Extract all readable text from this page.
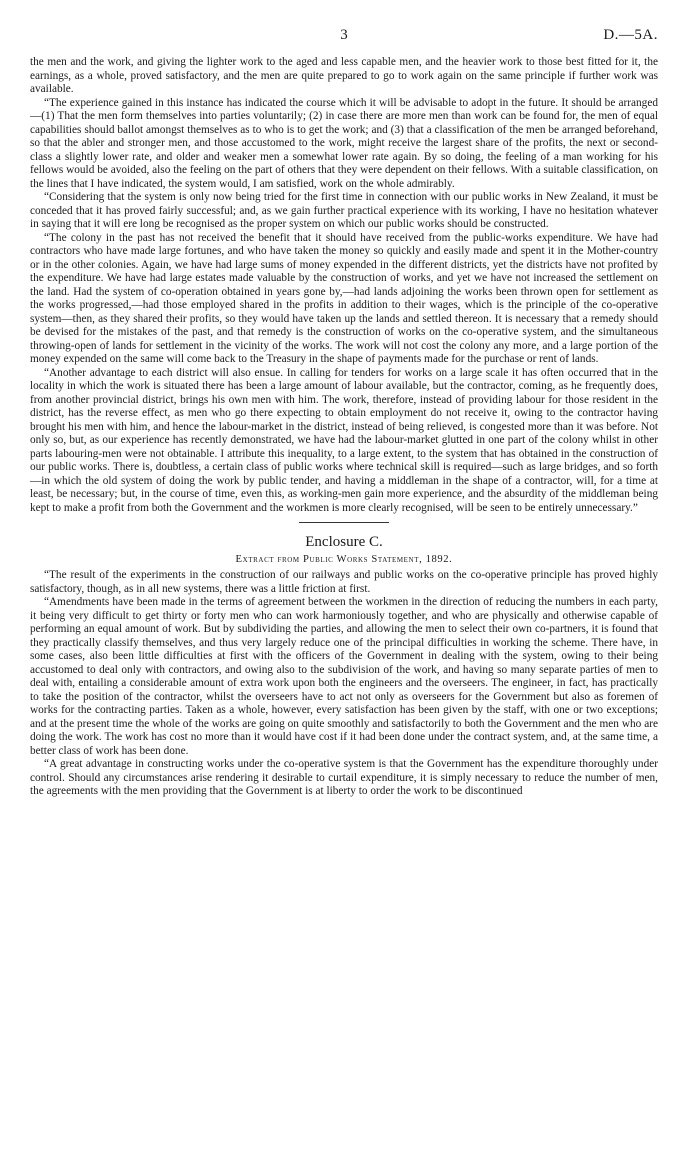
3	D.—5A.

the men and the work, and giving the lighter work to the aged and less capable men, and the heavier work to those best fitted for it, the earnings, as a whole, proved satisfactory, and the men are quite prepared to go to work again on the same principle if further work was available.

“The experience gained in this instance has indicated the course which it will be advisable to adopt in the future. It should be arranged—(1) That the men form themselves into parties voluntarily; (2) in case there are more men than work can be found for, the men of equal capabilities should ballot amongst themselves as to who is to get the work; and (3) that a classification of the men be arranged beforehand, so that the abler and stronger men, and those accustomed to the work, might receive the largest share of the profits, the next or second-class a slightly lower rate, and older and weaker men a somewhat lower rate again. By so doing, the feeling of a man working for his fellows would be avoided, also the feeling on the part of others that they were dependent on their fellows. With a suitable classification, on the lines that I have indicated, the system would, I am satisfied, work on the whole admirably.

“Considering that the system is only now being tried for the first time in connection with our public works in New Zealand, it must be conceded that it has proved fairly successful; and, as we gain further practical experience with its working, I have no hesitation whatever in saying that it will ere long be recognised as the proper system on which our public works should be constructed.

“The colony in the past has not received the benefit that it should have received from the public-works expenditure. We have had contractors who have made large fortunes, and who have taken the money so quickly and easily made and spent it in the Mother-country or in the other colonies. Again, we have had large sums of money expended in the different districts, yet the districts have not profited by the expenditure. We have had large estates made valuable by the construction of works, and yet we have not increased the settlement on the land. Had the system of co-operation obtained in years gone by,—had lands adjoining the works been thrown open for settlement as the works progressed,—had those employed shared in the profits in addition to their wages, which is the principle of the co-operative system—then, as they shared their profits, so they would have taken up the lands and settled thereon. It is necessary that a remedy should be devised for the mistakes of the past, and that remedy is the construction of works on the co-operative system, and the simultaneous throwing-open of lands for settlement in the vicinity of the works. The work will not cost the colony any more, and a large portion of the money expended on the same will come back to the Treasury in the shape of payments made for the purchase or rent of lands.

“Another advantage to each district will also ensue. In calling for tenders for works on a large scale it has often occurred that in the locality in which the work is situated there has been a large amount of labour available, but the contractor, coming, as he frequently does, from another provincial district, brings his own men with him. The work, therefore, instead of providing labour for those resident in the district, has the reverse effect, as men who go there expecting to obtain employment do not receive it, owing to the contractor having brought his men with him, and hence the labour-market in the district, instead of being relieved, is congested more than it was before. Not only so, but, as our experience has recently demonstrated, we have had the labour-market glutted in one part of the colony whilst in other parts labouring-men were not obtainable. I attribute this inequality, to a large extent, to the system that has obtained in the construction of our public works. There is, doubtless, a certain class of public works where technical skill is required—such as large bridges, and so forth—in which the old system of doing the work by public tender, and having a middleman in the shape of a contractor, will, for a time at least, be necessary; but, in the course of time, even this, as working-men gain more experience, and the absurdity of the middleman being kept to make a profit from both the Government and the workmen is more clearly recognised, will be seen to be entirely unnecessary.”

Enclosure C.
Extract from Public Works Statement, 1892.

“The result of the experiments in the construction of our railways and public works on the co-operative principle has proved highly satisfactory, though, as in all new systems, there was a little friction at first.

“Amendments have been made in the terms of agreement between the workmen in the direction of reducing the numbers in each party, it being very difficult to get thirty or forty men who can work harmoniously together, and who are physically and otherwise capable of performing an equal amount of work. But by subdividing the parties, and allowing the men to select their own co-partners, it is found that they practically classify themselves, and thus very largely reduce one of the principal difficulties in working the scheme. There have, in some cases, also been little difficulties at first with the officers of the Government in dealing with the system, owing to their being accustomed to deal only with contractors, and owing also to the subdivision of the work, and having so many separate parties of men to deal with, entailing a considerable amount of extra work upon both the engineers and the overseers. The engineer, in fact, has practically to take the position of the contractor, whilst the overseers have to act not only as overseers for the Government but also as foremen of works for the contracting parties. Taken as a whole, however, every satisfaction has been given by the staff, with one or two exceptions; and at the present time the whole of the works are going on quite smoothly and satisfactorily to both the Government and the men who are doing the work. The work has cost no more than it would have cost if it had been done under the contract system, and, at the same time, a better class of work has been done.

“A great advantage in constructing works under the co-operative system is that the Government has the expenditure thoroughly under control. Should any circumstances arise rendering it desirable to curtail expenditure, it is simply necessary to reduce the number of men, the agreements with the men providing that the Government is at liberty to order the work to be discontinued
